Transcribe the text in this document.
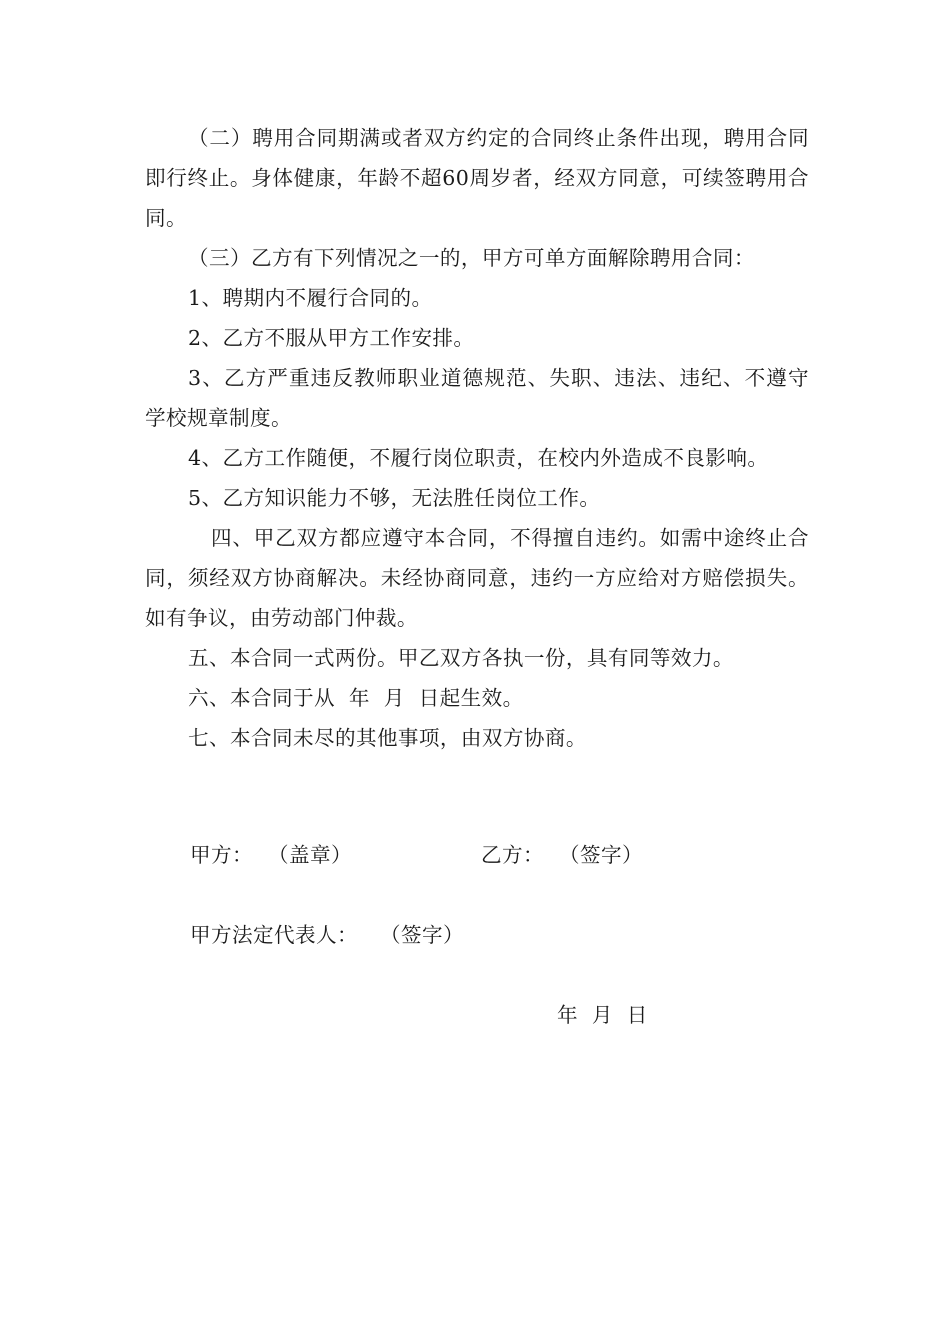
（二）聘用合同期满或者双方约定的合同终止条件出现，聘用合同即行终止。身体健康，年龄不超60周岁者，经双方同意，可续签聘用合同。

（三）乙方有下列情况之一的，甲方可单方面解除聘用合同：

1、聘期内不履行合同的。

2、乙方不服从甲方工作安排。

3、乙方严重违反教师职业道德规范、失职、违法、违纪、不遵守学校规章制度。

4、乙方工作随便，不履行岗位职责，在校内外造成不良影响。

5、乙方知识能力不够，无法胜任岗位工作。

四、甲乙双方都应遵守本合同，不得擅自违约。如需中途终止合同，须经双方协商解决。未经协商同意，违约一方应给对方赔偿损失。如有争议，由劳动部门仲裁。

五、本合同一式两份。甲乙双方各执一份，具有同等效力。

六、本合同于从  年  月  日起生效。

七、本合同未尽的其他事项，由双方协商。

甲方： （盖章）	乙方： （签字）
甲方法定代表人： （签字）
年  月  日
